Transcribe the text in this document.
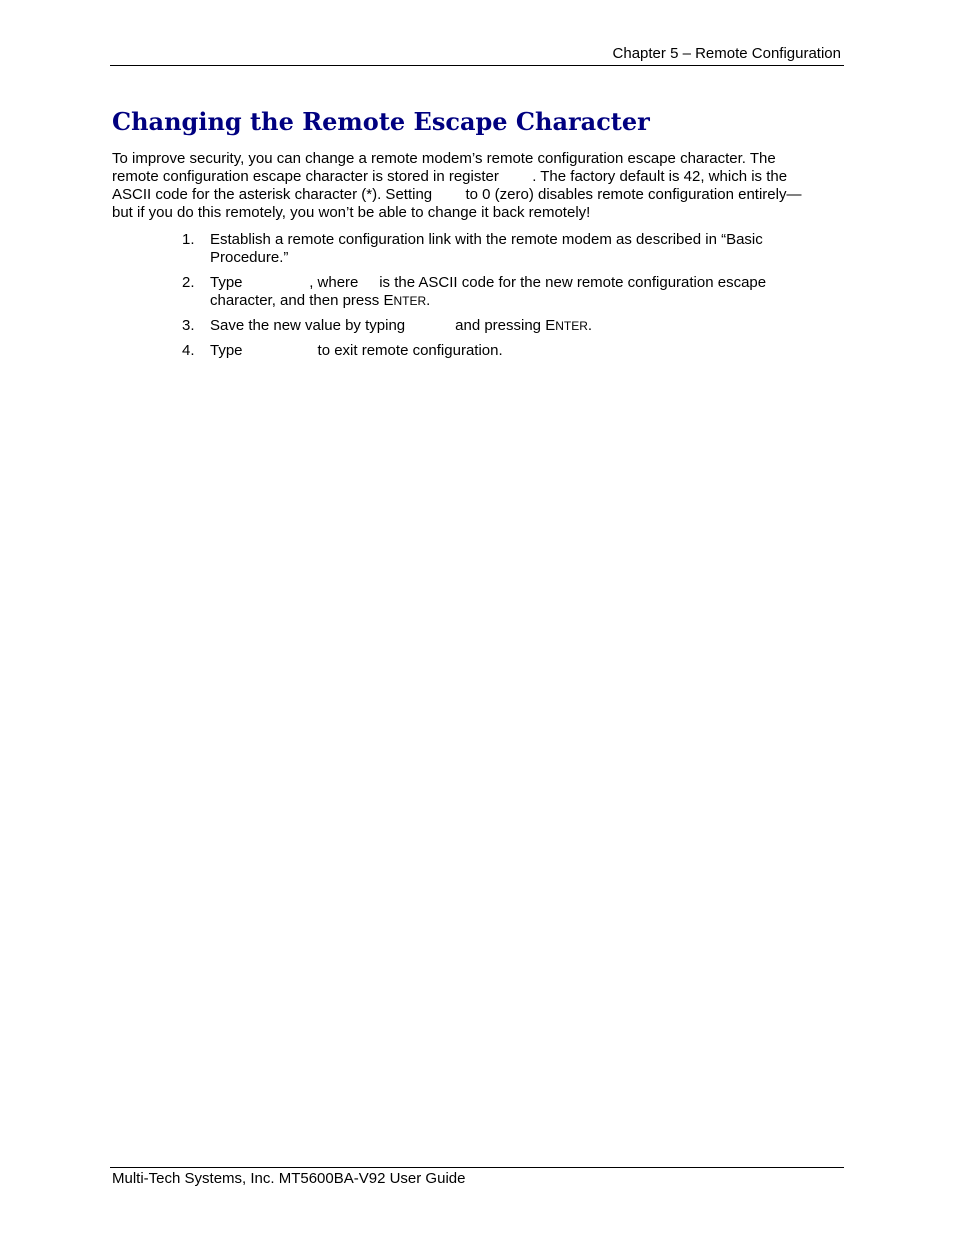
Chapter 5 – Remote Configuration
Changing the Remote Escape Character

To improve security, you can change a remote modem’s remote configuration escape character. The
remote configuration escape character is stored in register        . The factory default is 42, which is the
ASCII code for the asterisk character (*). Setting        to 0 (zero) disables remote configuration entirely—
but if you do this remotely, you won’t be able to change it back remotely!

1. Establish a remote configuration link with the remote modem as described in “Basic
Procedure.”
2. Type                , where     is the ASCII code for the new remote configuration escape
character, and then press ENTER.
3. Save the new value by typing            and pressing ENTER.
4. Type                  to exit remote configuration.
Multi-Tech Systems, Inc. MT5600BA-V92 User Guide
